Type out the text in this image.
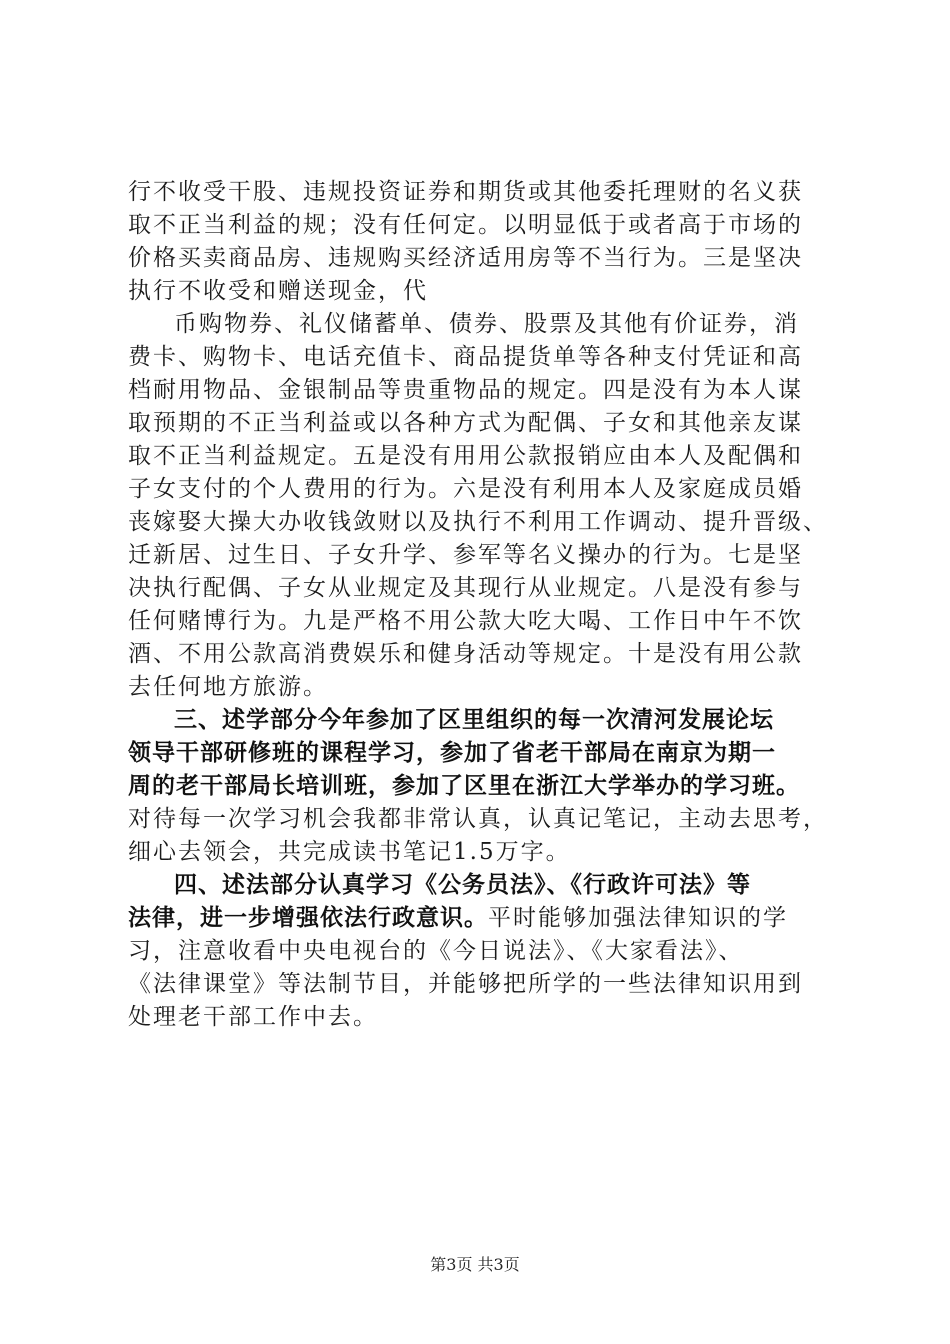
行不收受干股、违规投资证券和期货或其他委托理财的名义获
取不正当利益的规；没有任何定。以明显低于或者高于市场的
价格买卖商品房、违规购买经济适用房等不当行为。三是坚决
执行不收受和赠送现金，代
币购物券、礼仪储蓄单、债券、股票及其他有价证券，消
费卡、购物卡、电话充值卡、商品提货单等各种支付凭证和高
档耐用物品、金银制品等贵重物品的规定。四是没有为本人谋
取预期的不正当利益或以各种方式为配偶、子女和其他亲友谋
取不正当利益规定。五是没有用用公款报销应由本人及配偶和
子女支付的个人费用的行为。六是没有利用本人及家庭成员婚
丧嫁娶大操大办收钱敛财以及执行不利用工作调动、提升晋级、
迁新居、过生日、子女升学、参军等名义操办的行为。七是坚
决执行配偶、子女从业规定及其现行从业规定。八是没有参与
任何赌博行为。九是严格不用公款大吃大喝、工作日中午不饮
酒、不用公款高消费娱乐和健身活动等规定。十是没有用公款
去任何地方旅游。
三、述学部分今年参加了区里组织的每一次清河发展论坛
领导干部研修班的课程学习，参加了省老干部局在南京为期一
周的老干部局长培训班，参加了区里在浙江大学举办的学习班。
对待每一次学习机会我都非常认真，认真记笔记，主动去思考，
细心去领会，共完成读书笔记1.5万字。
四、述法部分认真学习《公务员法》、《行政许可法》等
法律，进一步增强依法行政意识。平时能够加强法律知识的学
习，注意收看中央电视台的《今日说法》、《大家看法》、
《法律课堂》等法制节目，并能够把所学的一些法律知识用到
处理老干部工作中去。
第3页 共3页
